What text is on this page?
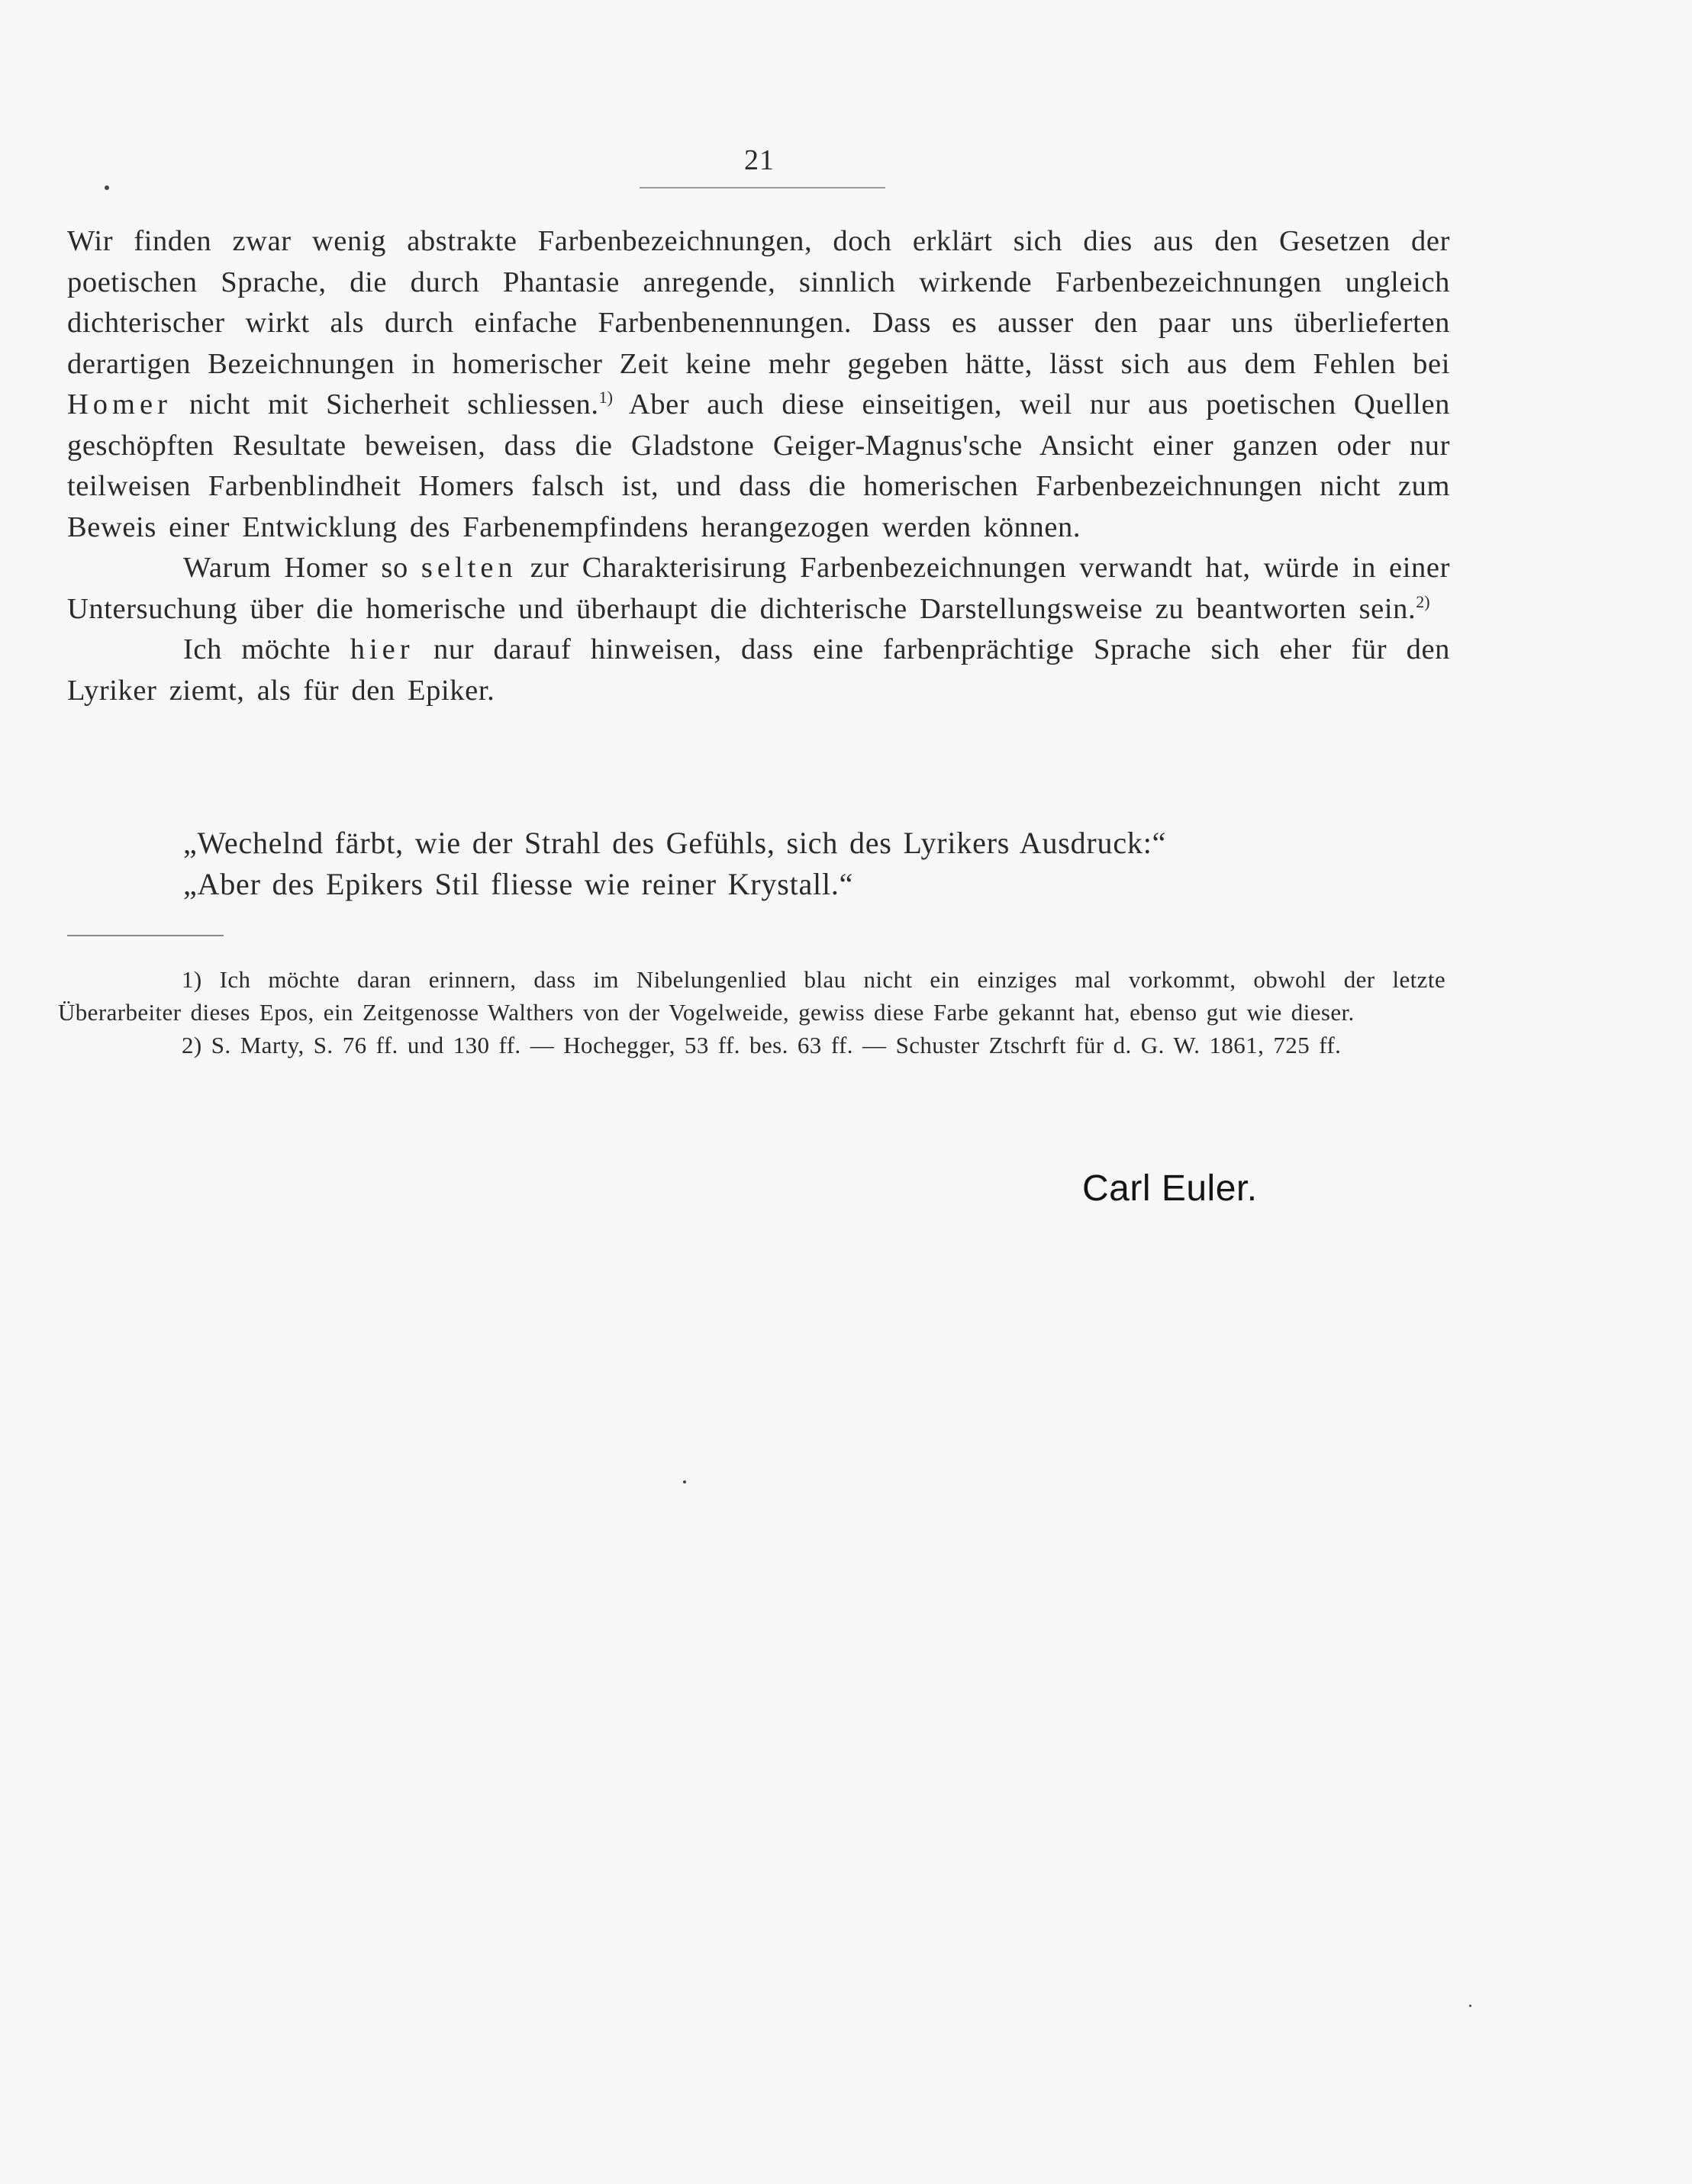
21

Wir finden zwar wenig abstrakte Farbenbezeichnungen, doch erklärt sich dies aus den Gesetzen der poetischen Sprache, die durch Phantasie anregende, sinnlich wirkende Farbenbezeichnungen ungleich dichterischer wirkt als durch einfache Farbenbenennungen. Dass es ausser den paar uns überlieferten derartigen Bezeichnungen in homerischer Zeit keine mehr gegeben hätte, lässt sich aus dem Fehlen bei Homer nicht mit Sicherheit schliessen.$^{1)}$ Aber auch diese einseitigen, weil nur aus poetischen Quellen geschöpften Resultate beweisen, dass die Gladstone Geiger-Magnus'sche Ansicht einer ganzen oder nur teilweisen Farbenblindheit Homers falsch ist, und dass die homerischen Farbenbezeichnungen nicht zum Beweis einer Entwicklung des Farbenempfindens herangezogen werden können.

Warum Homer so selten zur Charakterisirung Farbenbezeichnungen verwandt hat, würde in einer Untersuchung über die homerische und überhaupt die dichterische Darstellungsweise zu beantworten sein.$^{2)}$

Ich möchte hier nur darauf hinweisen, dass eine farbenprächtige Sprache sich eher für den Lyriker ziemt, als für den Epiker.

„Wechelnd färbt, wie der Strahl des Gefühls, sich des Lyrikers Ausdruck:“
„Aber des Epikers Stil fliesse wie reiner Krystall.“

1) Ich möchte daran erinnern, dass im Nibelungenlied blau nicht ein einziges mal vorkommt, obwohl der letzte Überarbeiter dieses Epos, ein Zeitgenosse Walthers von der Vogelweide, gewiss diese Farbe gekannt hat, ebenso gut wie dieser.

2) S. Marty, S. 76 ff. und 130 ff. — Hochegger, 53 ff. bes. 63 ff. — Schuster Ztschrft für d. G. W. 1861, 725 ff.

Carl Euler.
